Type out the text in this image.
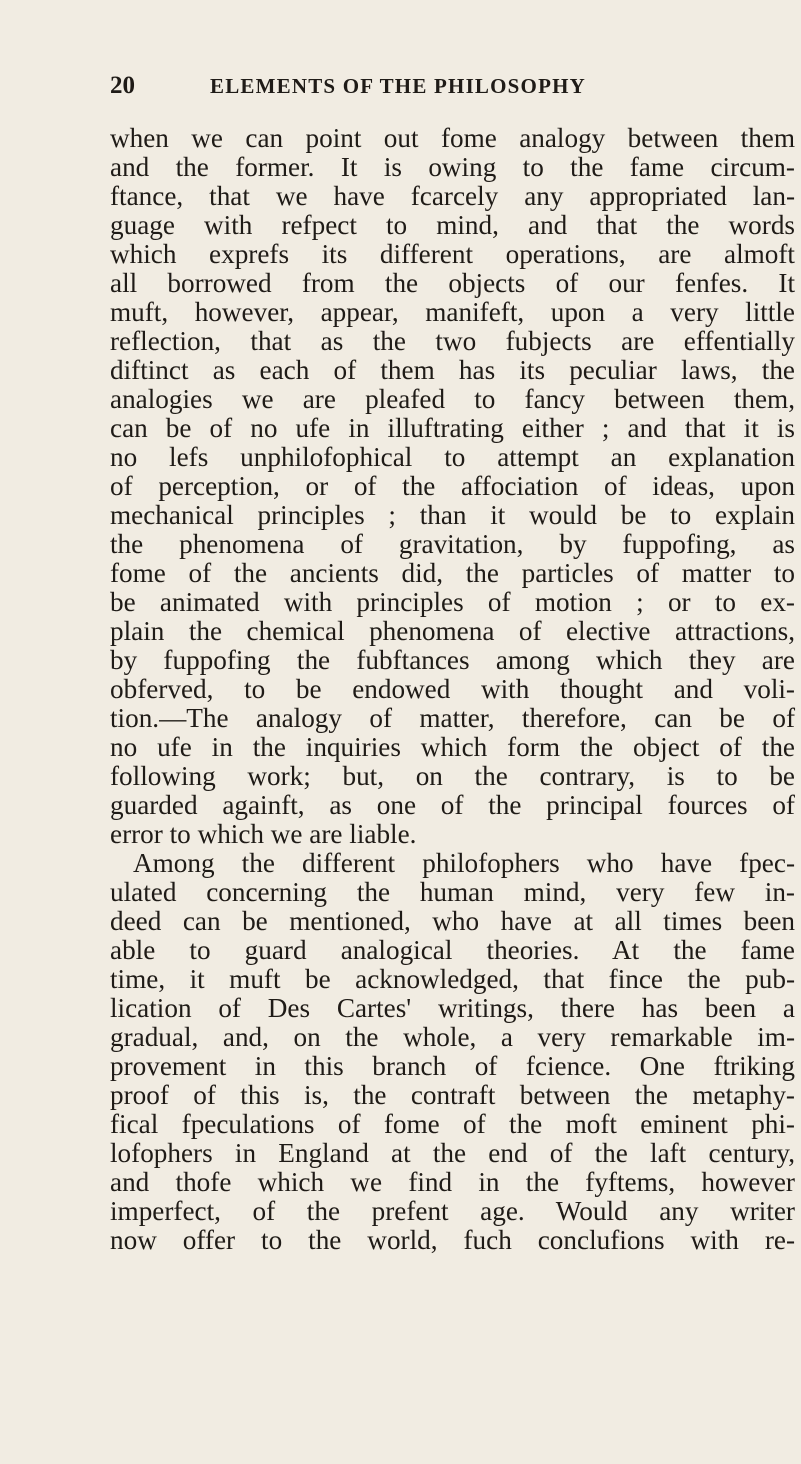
20	ELEMENTS OF THE PHILOSOPHY
when we can point out fome analogy between them
and the former. It is owing to the fame circum-
ftance, that we have fcarcely any appropriated lan-
guage with refpect to mind, and that the words
which exprefs its different operations, are almoft
all borrowed from the objects of our fenfes. It
muft, however, appear, manifeft, upon a very little
reflection, that as the two fubjects are effentially
diftinct as each of them has its peculiar laws, the
analogies we are pleafed to fancy between them,
can be of no ufe in illuftrating either ; and that it is
no lefs unphilofophical to attempt an explanation
of perception, or of the affociation of ideas, upon
mechanical principles ; than it would be to explain
the phenomena of gravitation, by fuppofing, as
fome of the ancients did, the particles of matter to
be animated with principles of motion ; or to ex-
plain the chemical phenomena of elective attractions,
by fuppofing the fubftances among which they are
obferved, to be endowed with thought and voli-
tion.—The analogy of matter, therefore, can be of
no ufe in the inquiries which form the object of the
following work; but, on the contrary, is to be
guarded againft, as one of the principal fources of
error to which we are liable.
Among the different philofophers who have fpec-
ulated concerning the human mind, very few in-
deed can be mentioned, who have at all times been
able to guard analogical theories. At the fame
time, it muft be acknowledged, that fince the pub-
lication of Des Cartes' writings, there has been a
gradual, and, on the whole, a very remarkable im-
provement in this branch of fcience. One ftriking
proof of this is, the contraft between the metaphy-
fical fpeculations of fome of the moft eminent phi-
lofophers in England at the end of the laft century,
and thofe which we find in the fyftems, however
imperfect, of the prefent age. Would any writer
now offer to the world, fuch conclufions with re-
